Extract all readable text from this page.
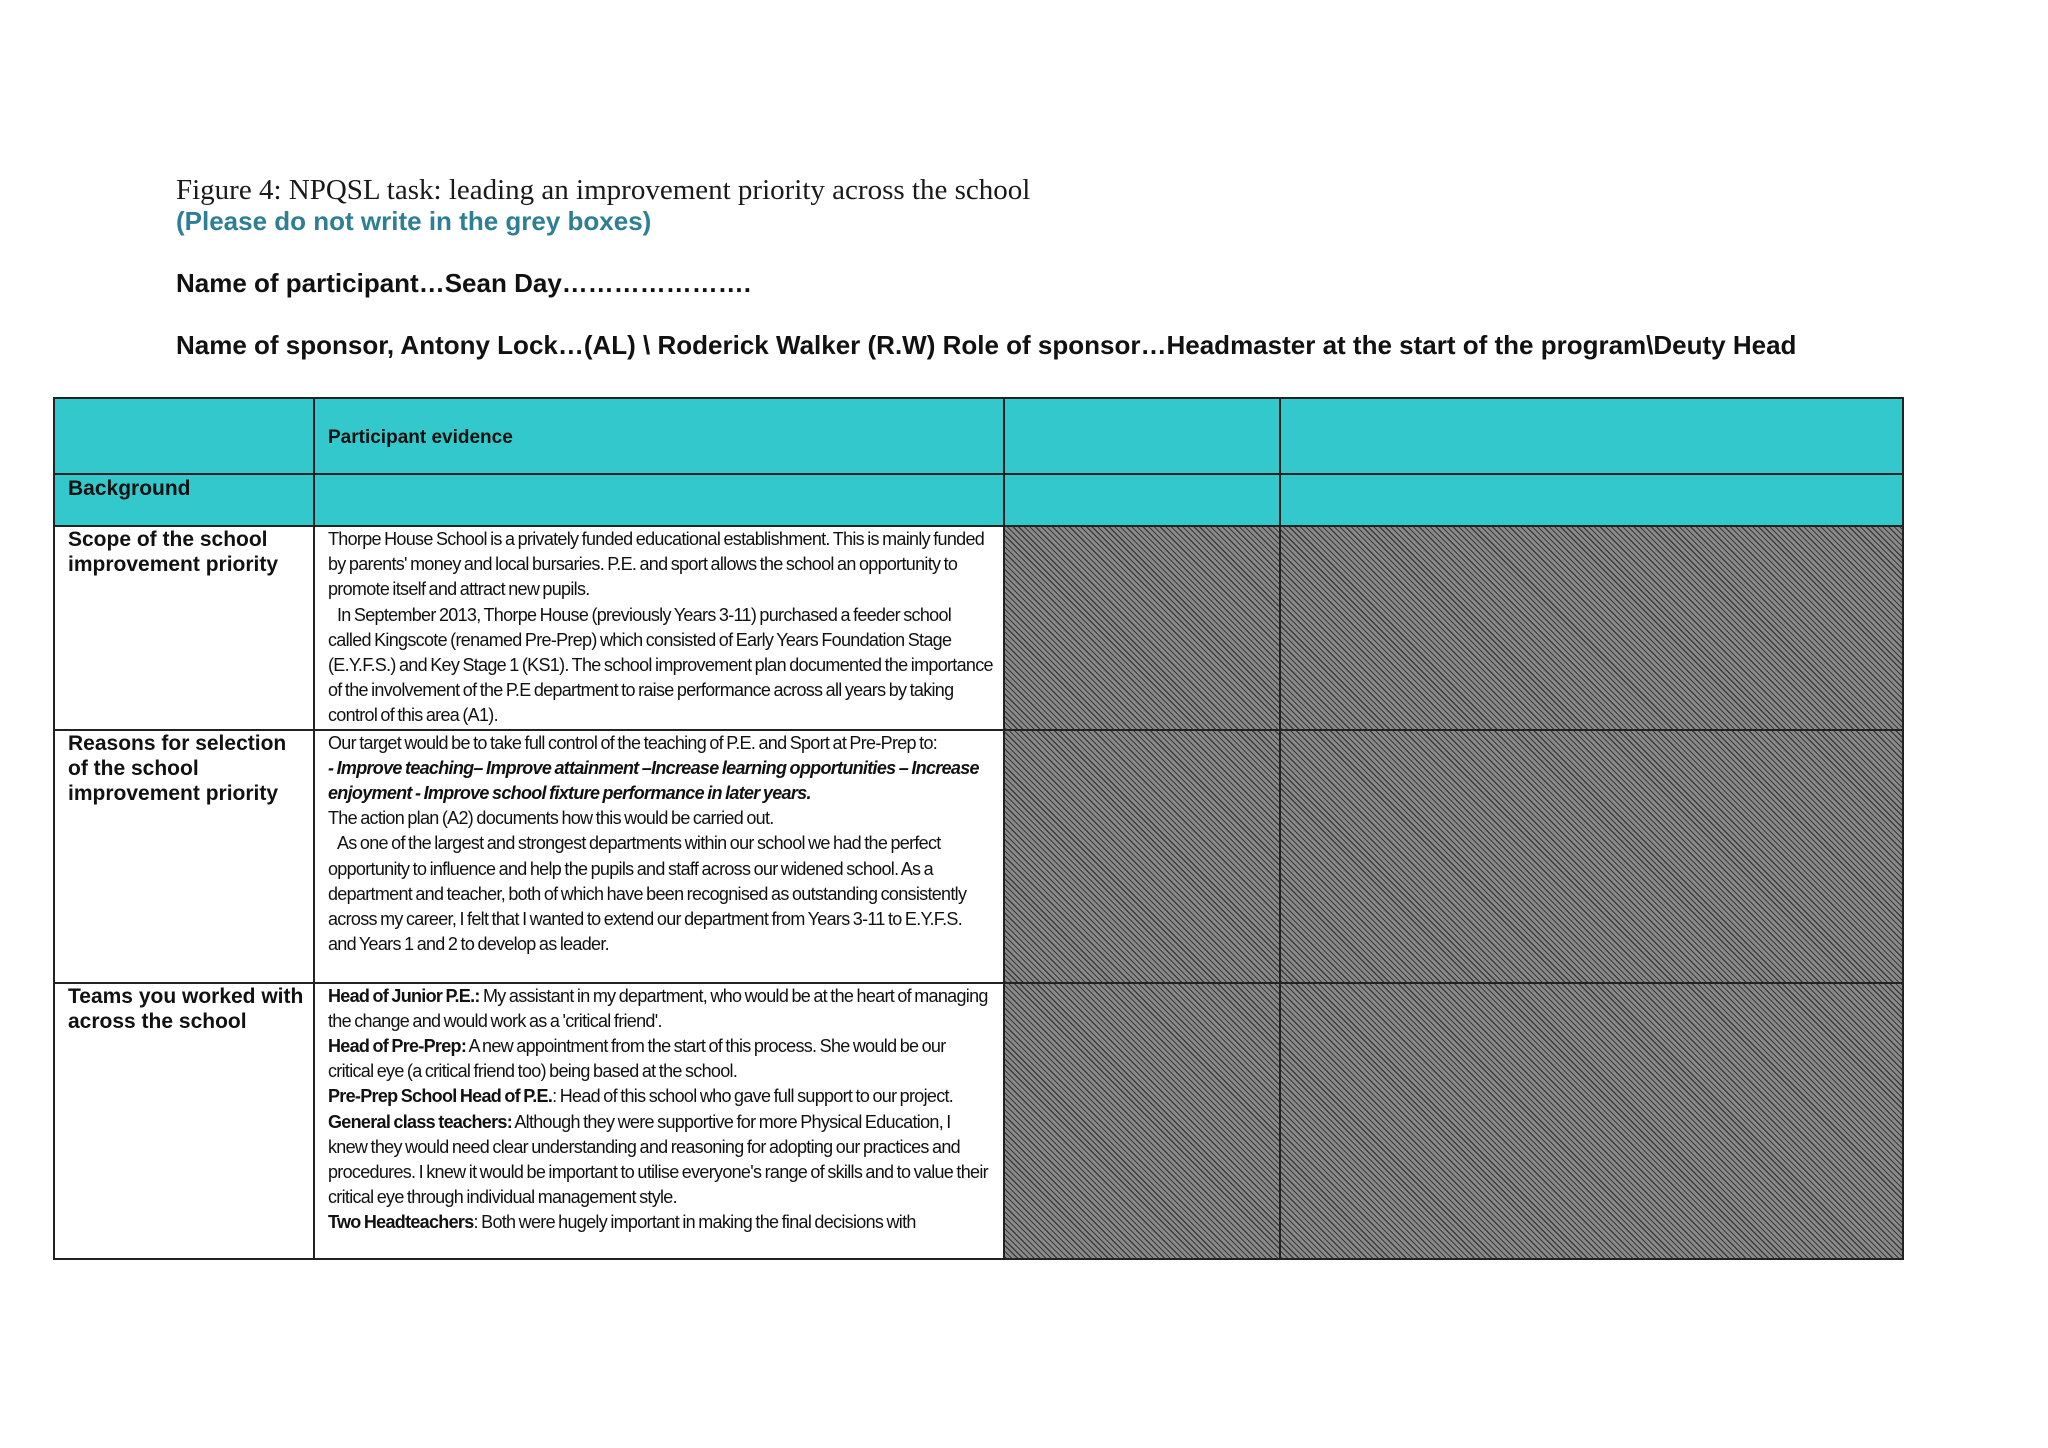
Figure 4: NPQSL task: leading an improvement priority across the school
(Please do not write in the grey boxes)
Name of participant…Sean Day………………….
Name of sponsor, Antony Lock…(AL) \ Roderick Walker (R.W) Role of sponsor…Headmaster at the start of the program\Deuty Head

	Participant evidence		

Background			

Scope of the school improvement priority	Thorpe House School is a privately funded educational establishment. This is mainly funded by parents' money and local bursaries. P.E. and sport allows the school an opportunity to promote itself and attract new pupils.

In September 2013, Thorpe House (previously Years 3-11) purchased a feeder school called Kingscote (renamed Pre-Prep) which consisted of Early Years Foundation Stage (E.Y.F.S.) and Key Stage 1 (KS1). The school improvement plan documented the importance of the involvement of the P.E department to raise performance across all years by taking control of this area (A1).		

Reasons for selection of the school improvement priority	Our target would be to take full control of the teaching of P.E. and Sport at Pre-Prep to:

- Improve teaching– Improve attainment –Increase learning opportunities – Increase enjoyment - Improve school fixture performance in later years.

The action plan (A2) documents how this would be carried out.

As one of the largest and strongest departments within our school we had the perfect opportunity to influence and help the pupils and staff across our widened school. As a department and teacher, both of which have been recognised as outstanding consistently across my career, I felt that I wanted to extend our department from Years 3-11 to E.Y.F.S. and Years 1 and 2 to develop as leader.		

Teams you worked with across the school	Head of Junior P.E.: My assistant in my department, who would be at the heart of managing the change and would work as a 'critical friend'.

Head of Pre-Prep: A new appointment from the start of this process. She would be our critical eye (a critical friend too) being based at the school.

Pre-Prep School Head of P.E.: Head of this school who gave full support to our project.

General class teachers: Although they were supportive for more Physical Education, I knew they would need clear understanding and reasoning for adopting our practices and procedures. I knew it would be important to utilise everyone's range of skills and to value their critical eye through individual management style.

Two Headteachers: Both were hugely important in making the final decisions with		
